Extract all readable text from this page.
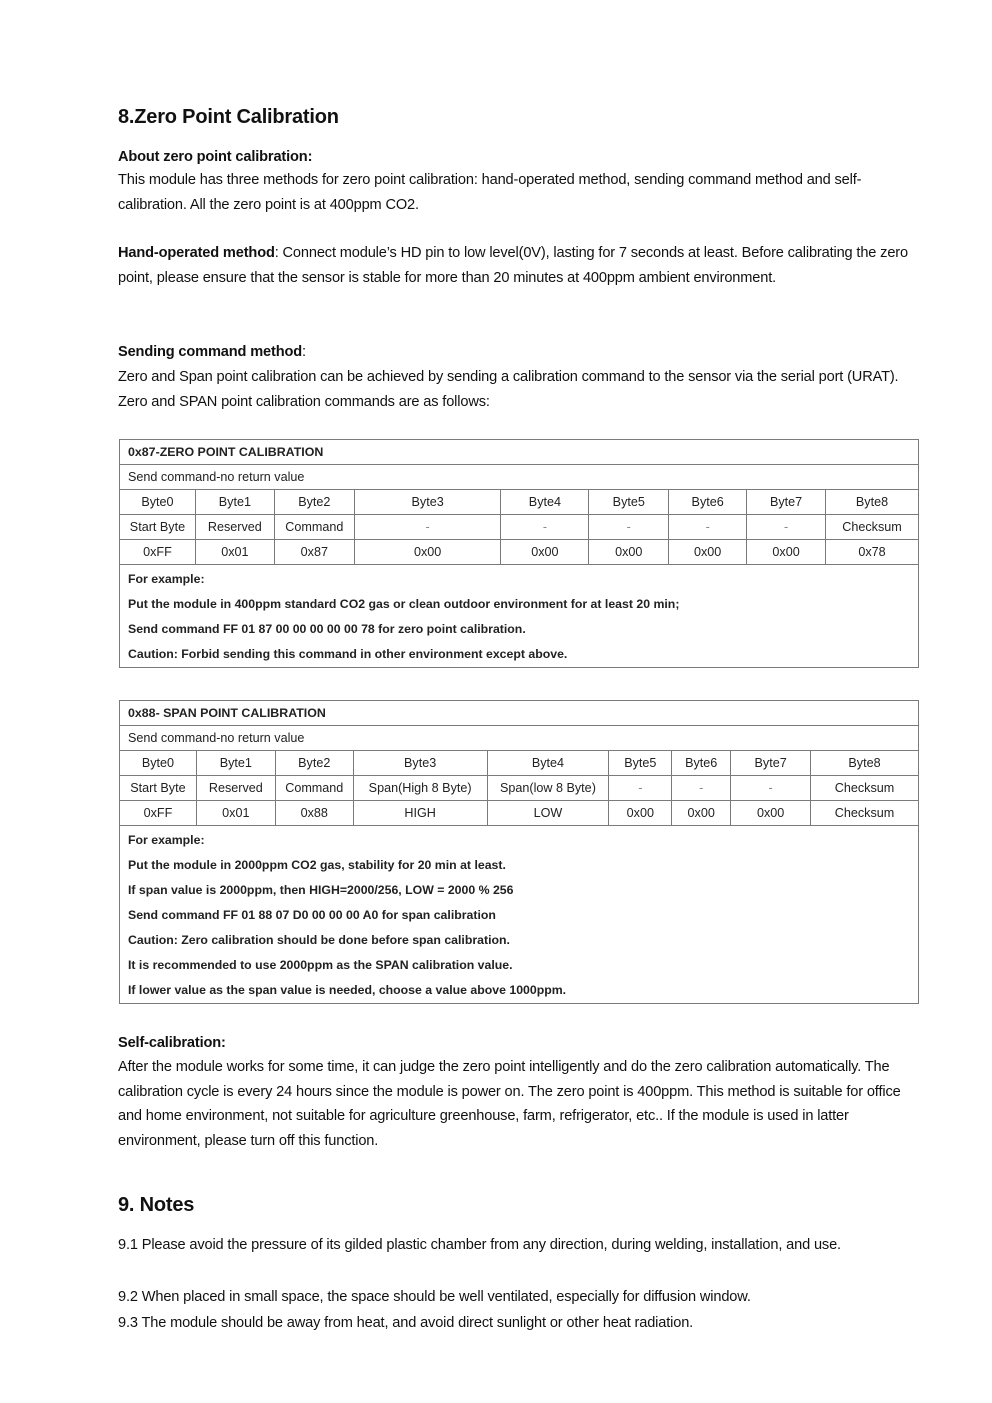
8.Zero Point Calibration

About zero point calibration:

This module has three methods for zero point calibration: hand-operated method, sending command method and self-calibration. All the zero point is at 400ppm CO2.

Hand-operated method: Connect module’s HD pin to low level(0V), lasting for 7 seconds at least. Before calibrating the zero point, please ensure that the sensor is stable for more than 20 minutes at 400ppm ambient environment.

Sending command method:

Zero and Span point calibration can be achieved by sending a calibration command to the sensor via the serial port (URAT). Zero and SPAN point calibration commands are as follows:

0x87-ZERO POINT CALIBRATION								
Send command-no return value								
Byte0	Byte1	Byte2	Byte3	Byte4	Byte5	Byte6	Byte7	Byte8
Start Byte	Reserved	Command	-	-	-	-	-	Checksum
0xFF	0x01	0x87	0x00	0x00	0x00	0x00	0x00	0x78

For example:
Put the module in 400ppm standard CO2 gas or clean outdoor environment for at least 20 min;
Send command FF 01 87 00 00 00 00 00 78 for zero point calibration.
Caution: Forbid sending this command in other environment except above.								
0x88- SPAN POINT CALIBRATION								
Send command-no return value								
Byte0	Byte1	Byte2	Byte3	Byte4	Byte5	Byte6	Byte7	Byte8
Start Byte	Reserved	Command	Span(High 8 Byte)	Span(low 8 Byte)	-	-	-	Checksum
0xFF	0x01	0x88	HIGH	LOW	0x00	0x00	0x00	Checksum

For example:
Put the module in 2000ppm CO2 gas, stability for 20 min at least.
If span value is 2000ppm, then HIGH=2000/256, LOW = 2000 % 256
Send command FF 01 88 07 D0 00 00 00 A0 for span calibration
Caution: Zero calibration should be done before span calibration.
It is recommended to use 2000ppm as the SPAN calibration value.
If lower value as the span value is needed, choose a value above 1000ppm.

Self-calibration:

After the module works for some time, it can judge the zero point intelligently and do the zero calibration automatically. The calibration cycle is every 24 hours since the module is power on. The zero point is 400ppm. This method is suitable for office and home environment, not suitable for agriculture greenhouse, farm, refrigerator, etc.. If the module is used in latter environment, please turn off this function.

9. Notes

9.1 Please avoid the pressure of its gilded plastic chamber from any direction, during welding, installation, and use.

9.2 When placed in small space, the space should be well ventilated, especially for diffusion window.

9.3 The module should be away from heat, and avoid direct sunlight or other heat radiation.
